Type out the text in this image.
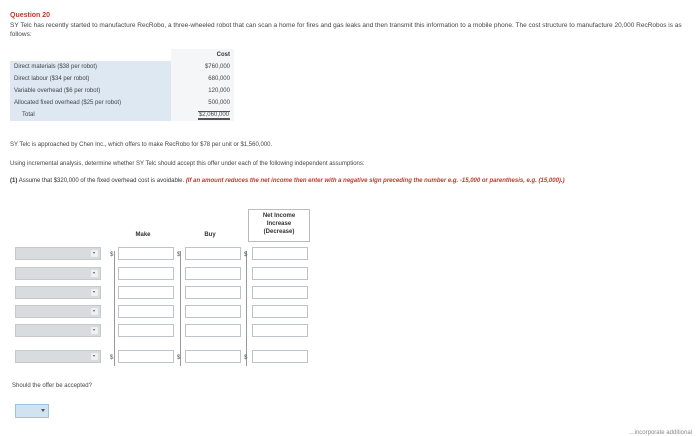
Question 20
SY Telc has recently started to manufacture RecRobo, a three-wheeled robot that can scan a home for fires and gas leaks and then transmit this information to a mobile phone. The cost structure to manufacture 20,000 RecRobos is as follows:
	Cost
Direct materials ($38 per robot)	$760,000
Direct labour ($34 per robot)	680,000
Variable overhead ($6 per robot)	120,000
Allocated fixed overhead ($25 per robot)	500,000
Total	$2,060,000
SY Telc is approached by Chen Inc., which offers to make RecRobo for $78 per unit or $1,560,000.
Using incremental analysis, determine whether SY Telc should accept this offer under each of the following independent assumptions:
(1) Assume that $320,000 of the fixed overhead cost is avoidable. (If an amount reduces the net income then enter with a negative sign preceding the number e.g. -15,000 or parenthesis, e.g. (15,000).)
Make	Buy
Net Income
Increase
(Decrease)
$	$	$
$	$	$
Should the offer be accepted?
...incorporate additional
